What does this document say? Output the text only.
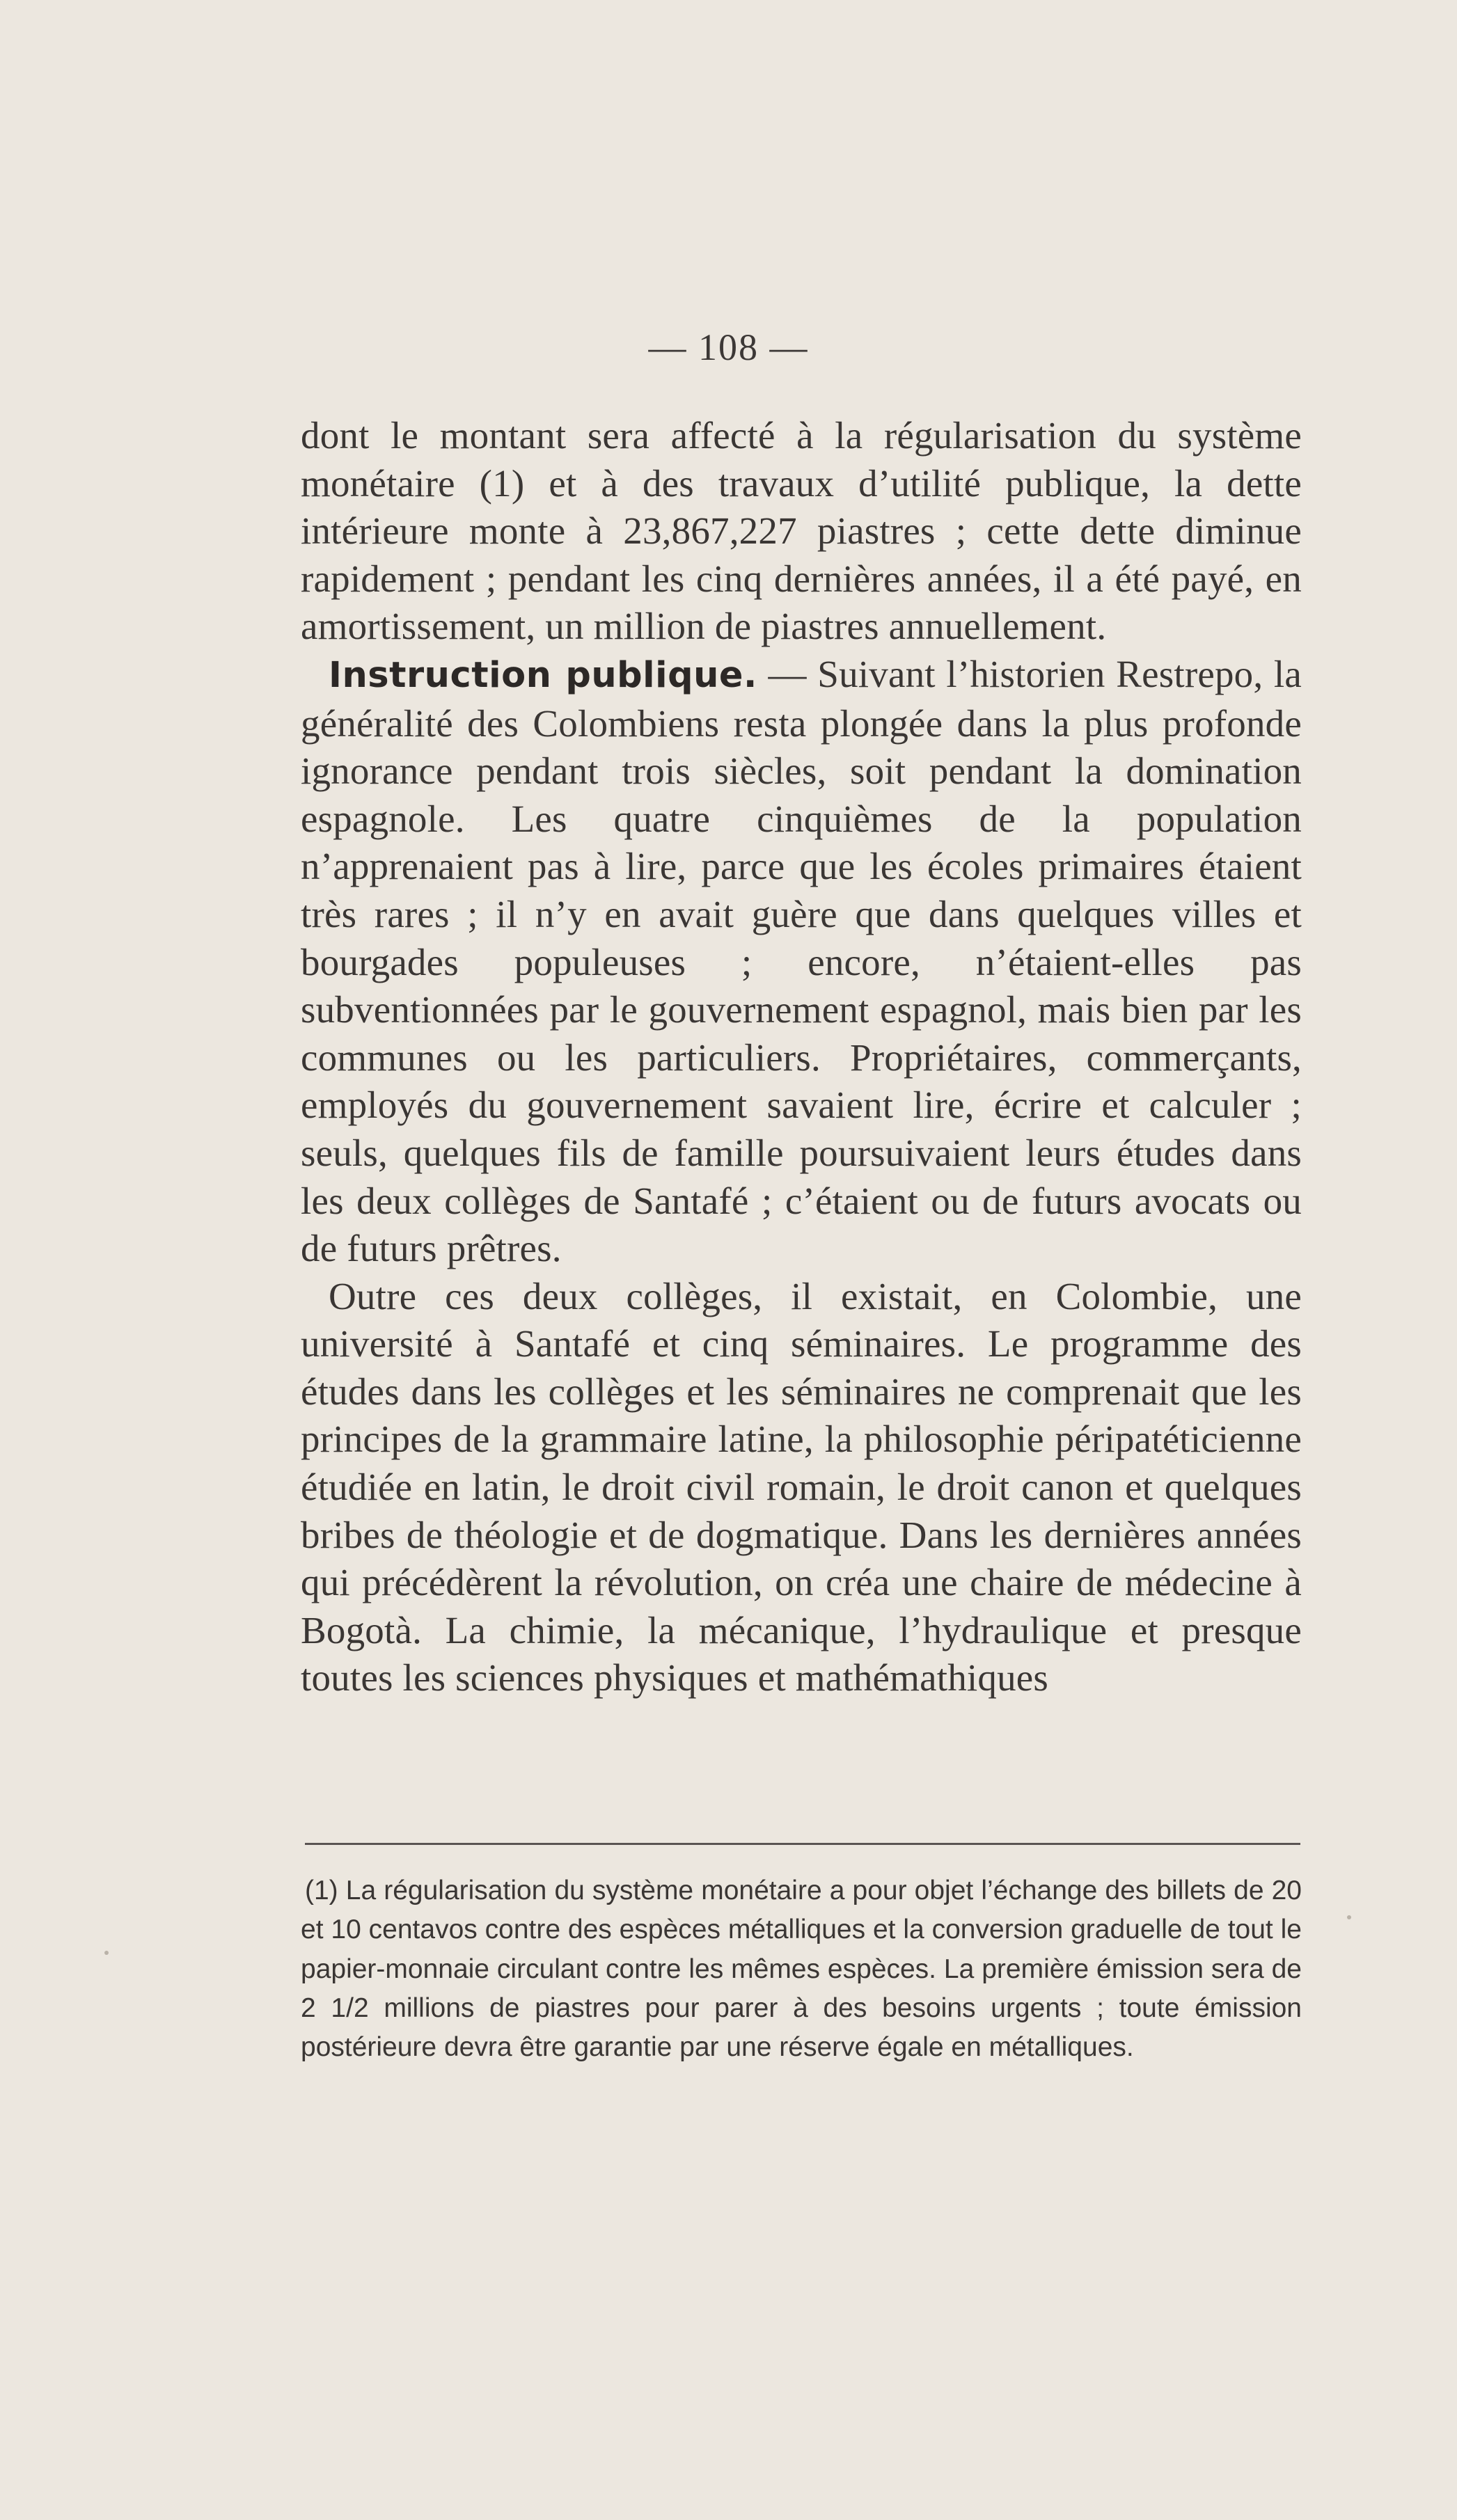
— 108 —

dont le montant sera affecté à la régularisation du système monétaire (1) et à des travaux d’utilité publique, la dette intérieure monte à 23,867,227 piastres ; cette dette diminue rapidement ; pendant les cinq dernières années, il a été payé, en amortissement, un million de piastres annuellement.

Instruction publique. — Suivant l’historien Restrepo, la généralité des Colombiens resta plongée dans la plus profonde ignorance pendant trois siècles, soit pendant la domination espagnole. Les quatre cinquièmes de la population n’apprenaient pas à lire, parce que les écoles primaires étaient très rares ; il n’y en avait guère que dans quelques villes et bourgades populeuses ; encore, n’étaient-elles pas subventionnées par le gouvernement espagnol, mais bien par les communes ou les particuliers. Propriétaires, commerçants, employés du gouvernement savaient lire, écrire et calculer ; seuls, quelques fils de famille poursuivaient leurs études dans les deux collèges de Santafé ; c’étaient ou de futurs avocats ou de futurs prêtres.

Outre ces deux collèges, il existait, en Colombie, une université à Santafé et cinq séminaires. Le programme des études dans les collèges et les séminaires ne comprenait que les principes de la grammaire latine, la philosophie péripatéticienne étudiée en latin, le droit civil romain, le droit canon et quelques bribes de théologie et de dogmatique. Dans les dernières années qui précédèrent la révolution, on créa une chaire de médecine à Bogotà. La chimie, la mécanique, l’hydraulique et presque toutes les sciences physiques et mathémathiques

(1) La régularisation du système monétaire a pour objet l’échange des billets de 20 et 10 centavos contre des espèces métalliques et la conversion graduelle de tout le papier-monnaie circulant contre les mêmes espèces. La première émission sera de 2 1/2 millions de piastres pour parer à des besoins urgents ; toute émission postérieure devra être garantie par une réserve égale en métalliques.
